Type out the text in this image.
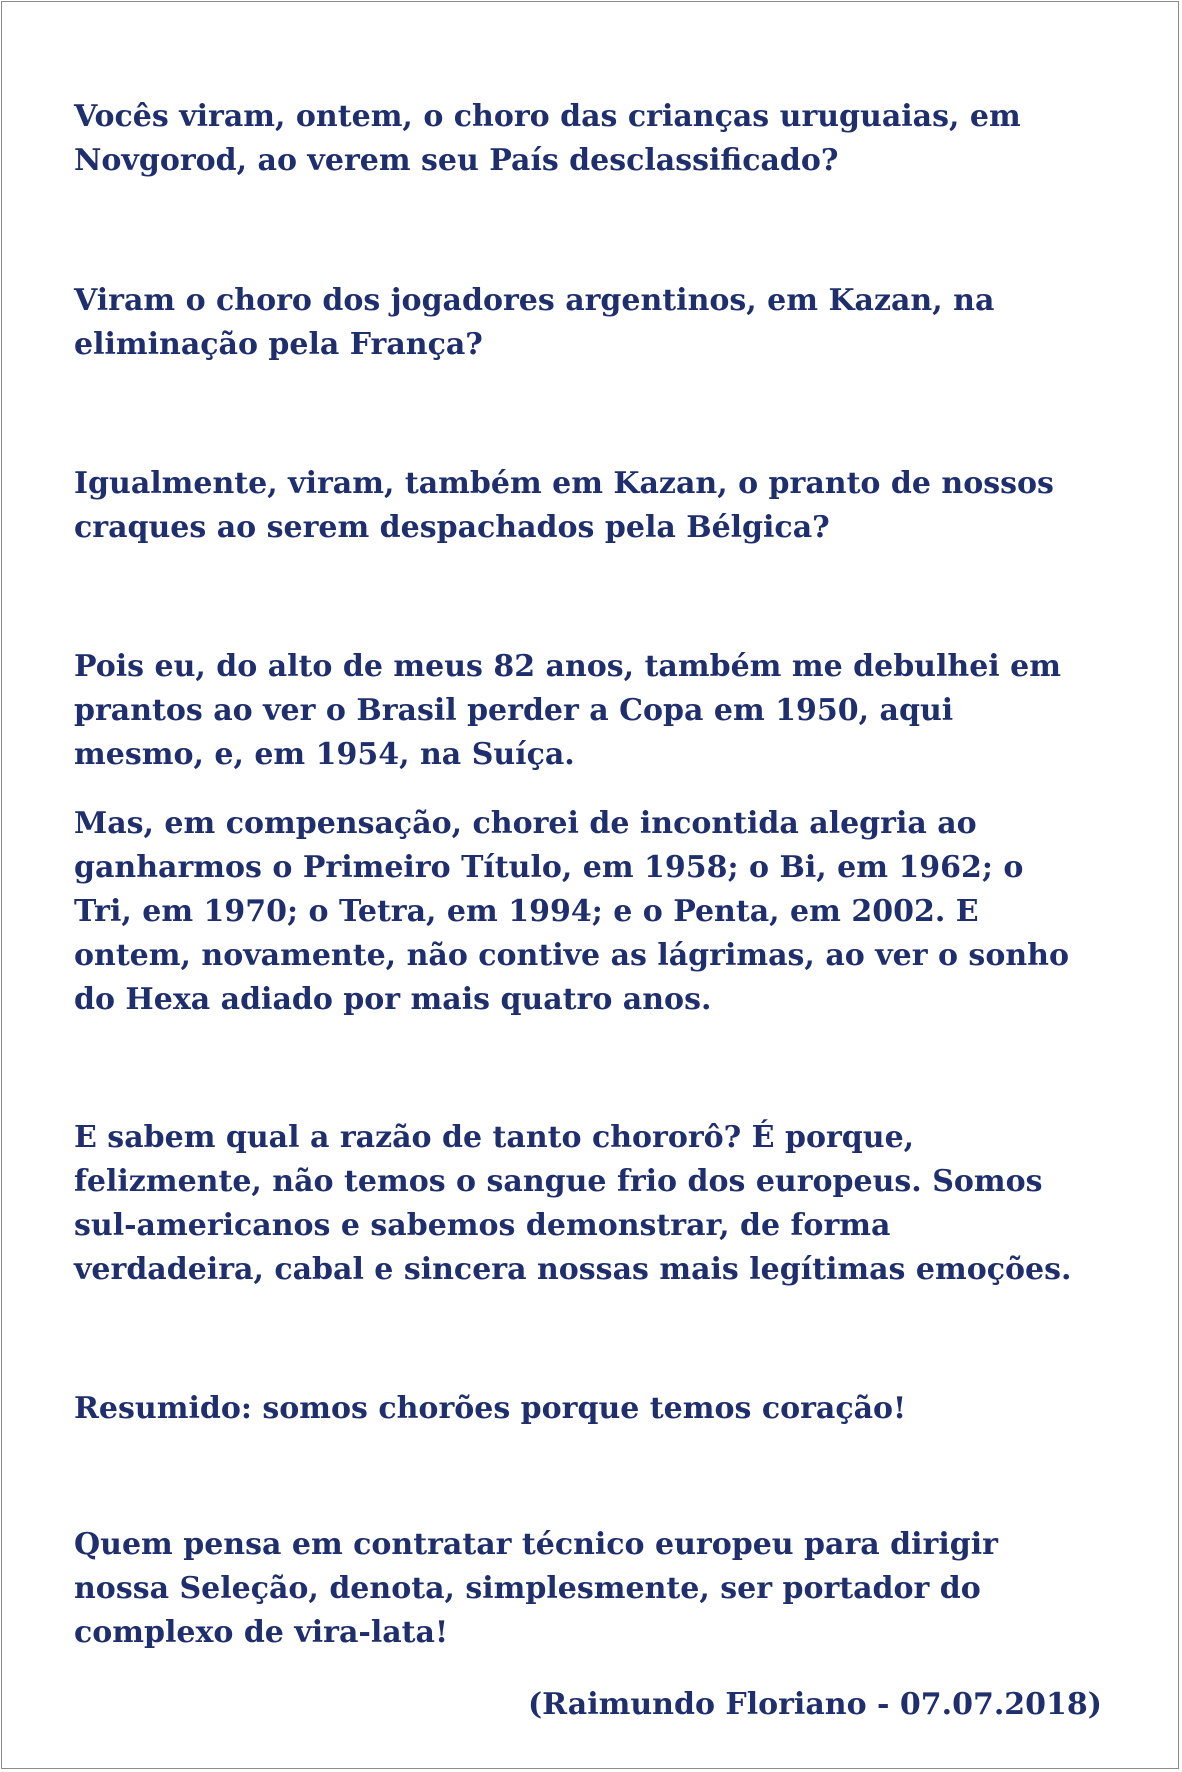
Vocês viram, ontem, o choro das crianças uruguaias, em
Novgorod, ao verem seu País desclassificado?

Viram o choro dos jogadores argentinos, em Kazan, na
eliminação pela França?

Igualmente, viram, também em Kazan, o pranto de nossos
craques ao serem despachados pela Bélgica?

Pois eu, do alto de meus 82 anos, também me debulhei em
prantos ao ver o Brasil perder a Copa em 1950, aqui
mesmo, e, em 1954, na Suíça.

Mas, em compensação, chorei de incontida alegria ao
ganharmos o Primeiro Título, em 1958; o Bi, em 1962; o
Tri, em 1970; o Tetra, em 1994; e o Penta, em 2002. E
ontem, novamente, não contive as lágrimas, ao ver o sonho
do Hexa adiado por mais quatro anos.

E sabem qual a razão de tanto chororô? É porque,
felizmente, não temos o sangue frio dos europeus. Somos
sul-americanos e sabemos demonstrar, de forma
verdadeira, cabal e sincera nossas mais legítimas emoções.

Resumido: somos chorões porque temos coração!

Quem pensa em contratar técnico europeu para dirigir
nossa Seleção, denota, simplesmente, ser portador do
complexo de vira-lata!

(Raimundo Floriano - 07.07.2018)
